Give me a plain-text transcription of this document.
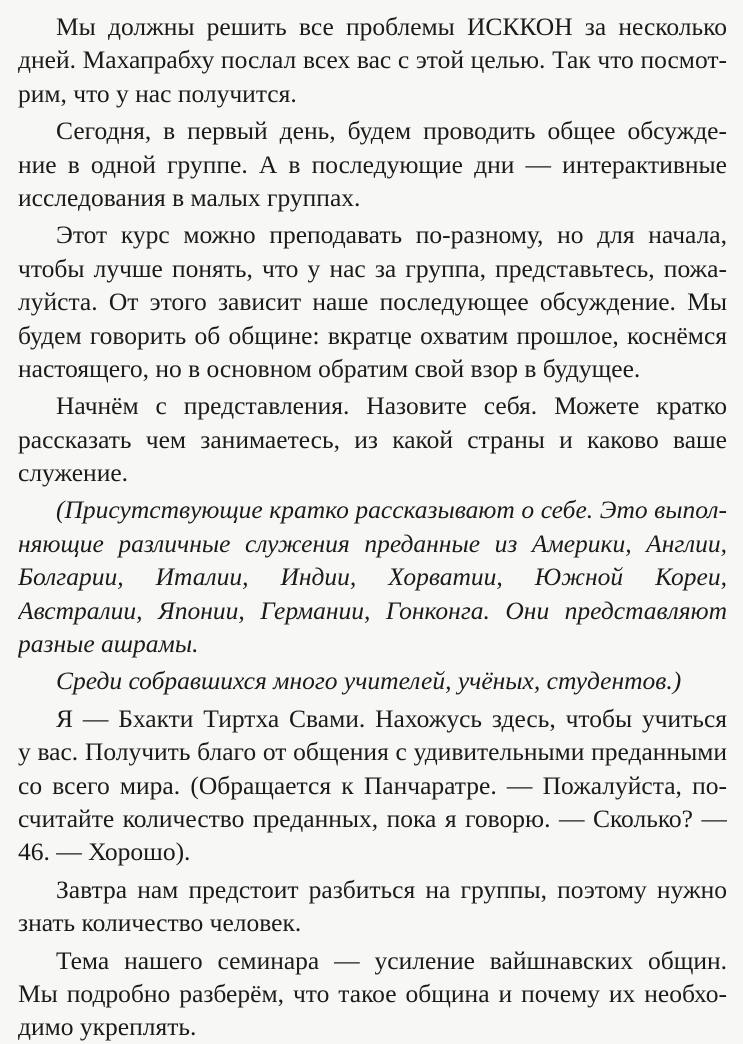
Мы должны решить все проблемы ИСККОН за несколько
дней. Махапрабху послал всех вас с этой целью. Так что посмот-
рим, что у нас получится.
Сегодня, в первый день, будем проводить общее обсужде-
ние в одной группе. А в последующие дни — интерактивные
исследования в малых группах.
Этот курс можно преподавать по-разному, но для начала,
чтобы лучше понять, что у нас за группа, представьтесь, пожа-
луйста. От этого зависит наше последующее обсуждение. Мы
будем говорить об общине: вкратце охватим прошлое, коснёмся
настоящего, но в основном обратим свой взор в будущее.
Начнём с представления. Назовите себя. Можете кратко
рассказать чем занимаетесь, из какой страны и каково ваше
служение.
(Присутствующие кратко рассказывают о себе. Это выпол-
няющие различные служения преданные из Америки, Англии,
Болгарии, Италии, Индии, Хорватии, Южной Кореи,
Австралии, Японии, Германии, Гонконга. Они представляют
разные ашрамы.
Среди собравшихся много учителей, учёных, студентов.)
Я — Бхакти Тиртха Свами. Нахожусь здесь, чтобы учиться
у вас. Получить благо от общения с удивительными преданными
со всего мира. (Обращается к Панчаратре. — Пожалуйста, по-
считайте количество преданных, пока я говорю. — Сколько? —
46. — Хорошо).
Завтра нам предстоит разбиться на группы, поэтому нужно
знать количество человек.
Тема нашего семинара — усиление вайшнавских общин.
Мы подробно разберём, что такое община и почему их необхо-
димо укреплять.
